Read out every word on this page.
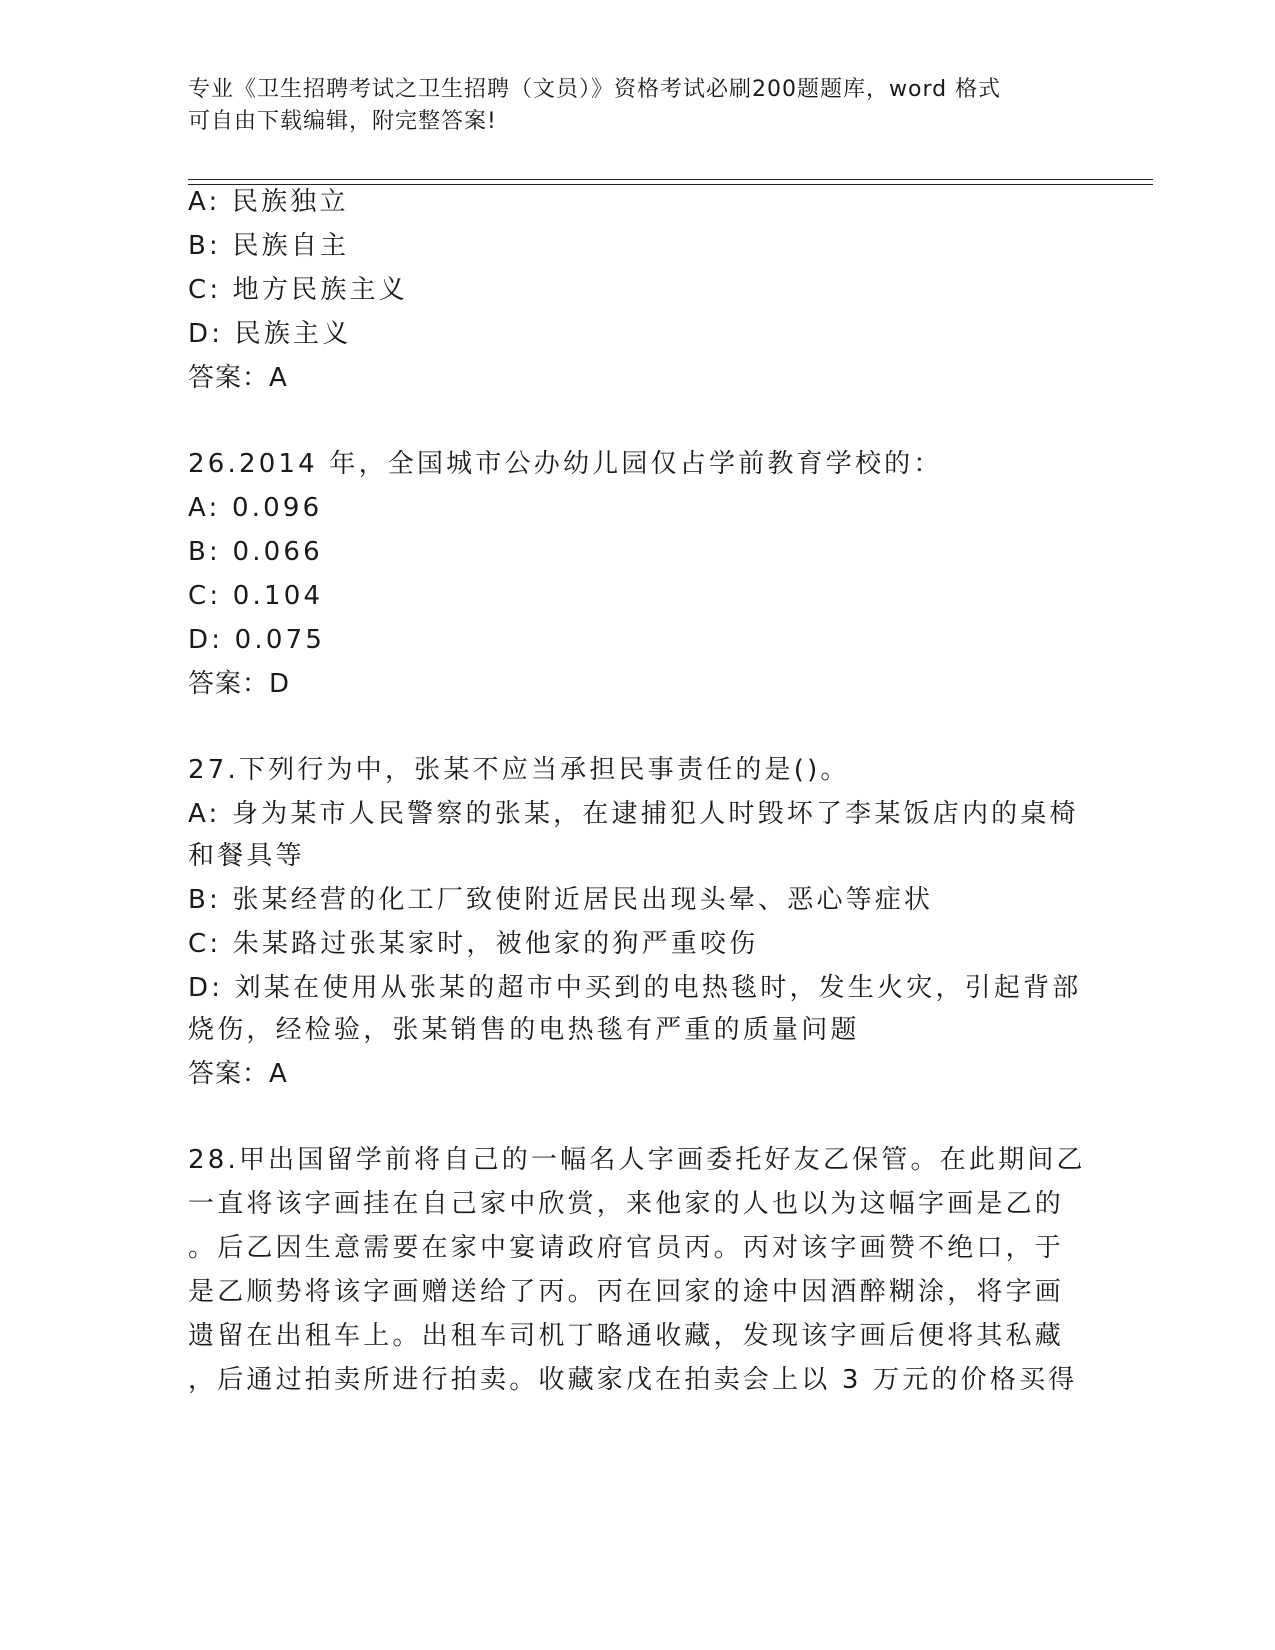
专业《卫生招聘考试之卫生招聘（文员）》资格考试必刷200题题库，word 格式
可自由下载编辑，附完整答案!
A: 民族独立
B: 民族自主
C: 地方民族主义
D: 民族主义
答案：A
26.2014 年，全国城市公办幼儿园仅占学前教育学校的：
A: 0.096
B: 0.066
C: 0.104
D: 0.075
答案：D
27.下列行为中，张某不应当承担民事责任的是()。
A: 身为某市人民警察的张某，在逮捕犯人时毁坏了李某饭店内的桌椅
和餐具等
B: 张某经营的化工厂致使附近居民出现头晕、恶心等症状
C: 朱某路过张某家时，被他家的狗严重咬伤
D: 刘某在使用从张某的超市中买到的电热毯时，发生火灾，引起背部
烧伤，经检验，张某销售的电热毯有严重的质量问题
答案：A
28.甲出国留学前将自己的一幅名人字画委托好友乙保管。在此期间乙
一直将该字画挂在自己家中欣赏，来他家的人也以为这幅字画是乙的
。后乙因生意需要在家中宴请政府官员丙。丙对该字画赞不绝口，于
是乙顺势将该字画赠送给了丙。丙在回家的途中因酒醉糊涂，将字画
遗留在出租车上。出租车司机丁略通收藏，发现该字画后便将其私藏
，后通过拍卖所进行拍卖。收藏家戊在拍卖会上以 3 万元的价格买得
